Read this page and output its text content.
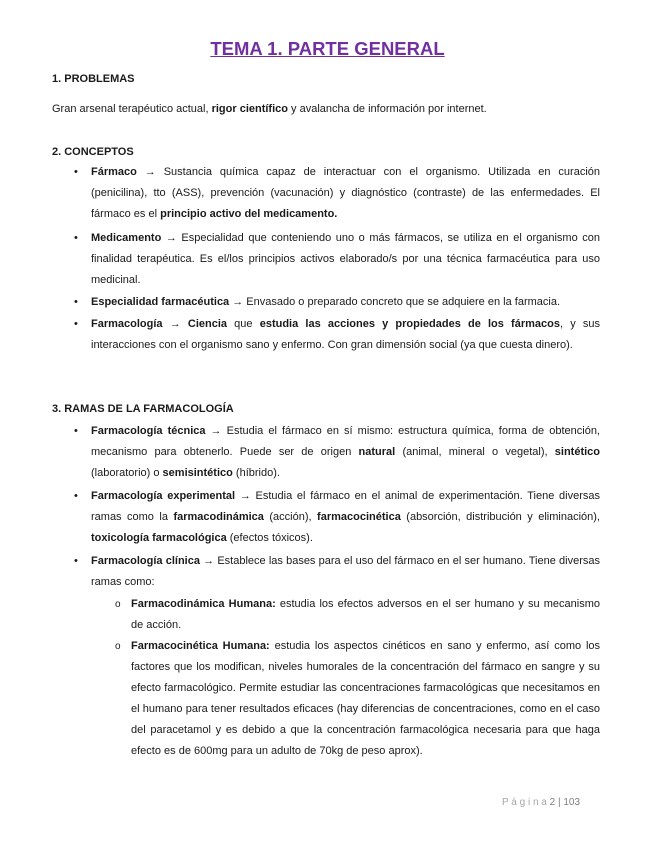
TEMA 1. PARTE GENERAL
1. PROBLEMAS
Gran arsenal terapéutico actual, rigor científico y avalancha de información por internet.
2. CONCEPTOS
• Fármaco → Sustancia química capaz de interactuar con el organismo. Utilizada en curación (penicilina), tto (ASS), prevención (vacunación) y diagnóstico (contraste) de las enfermedades. El fármaco es el principio activo del medicamento.
• Medicamento → Especialidad que conteniendo uno o más fármacos, se utiliza en el organismo con finalidad terapéutica. Es el/los principios activos elaborado/s por una técnica farmacéutica para uso medicinal.
• Especialidad farmacéutica → Envasado o preparado concreto que se adquiere en la farmacia.
• Farmacología → Ciencia que estudia las acciones y propiedades de los fármacos, y sus interacciones con el organismo sano y enfermo. Con gran dimensión social (ya que cuesta dinero).
3. RAMAS DE LA FARMACOLOGÍA
• Farmacología técnica → Estudia el fármaco en sí mismo: estructura química, forma de obtención, mecanismo para obtenerlo. Puede ser de origen natural (animal, mineral o vegetal), sintético (laboratorio) o semisintético (híbrido).
• Farmacología experimental → Estudia el fármaco en el animal de experimentación. Tiene diversas ramas como la farmacodinámica (acción), farmacocinética (absorción, distribución y eliminación), toxicología farmacológica (efectos tóxicos).
• Farmacología clínica → Establece las bases para el uso del fármaco en el ser humano. Tiene diversas ramas como:
o Farmacodinámica Humana: estudia los efectos adversos en el ser humano y su mecanismo de acción.
o Farmacocinética Humana: estudia los aspectos cinéticos en sano y enfermo, así como los factores que los modifican, niveles humorales de la concentración del fármaco en sangre y su efecto farmacológico. Permite estudiar las concentraciones farmacológicas que necesitamos en el humano para tener resultados eficaces (hay diferencias de concentraciones, como en el caso del paracetamol y es debido a que la concentración farmacológica necesaria para que haga efecto es de 600mg para un adulto de 70kg de peso aprox).
P á g i n a 2 | 103
